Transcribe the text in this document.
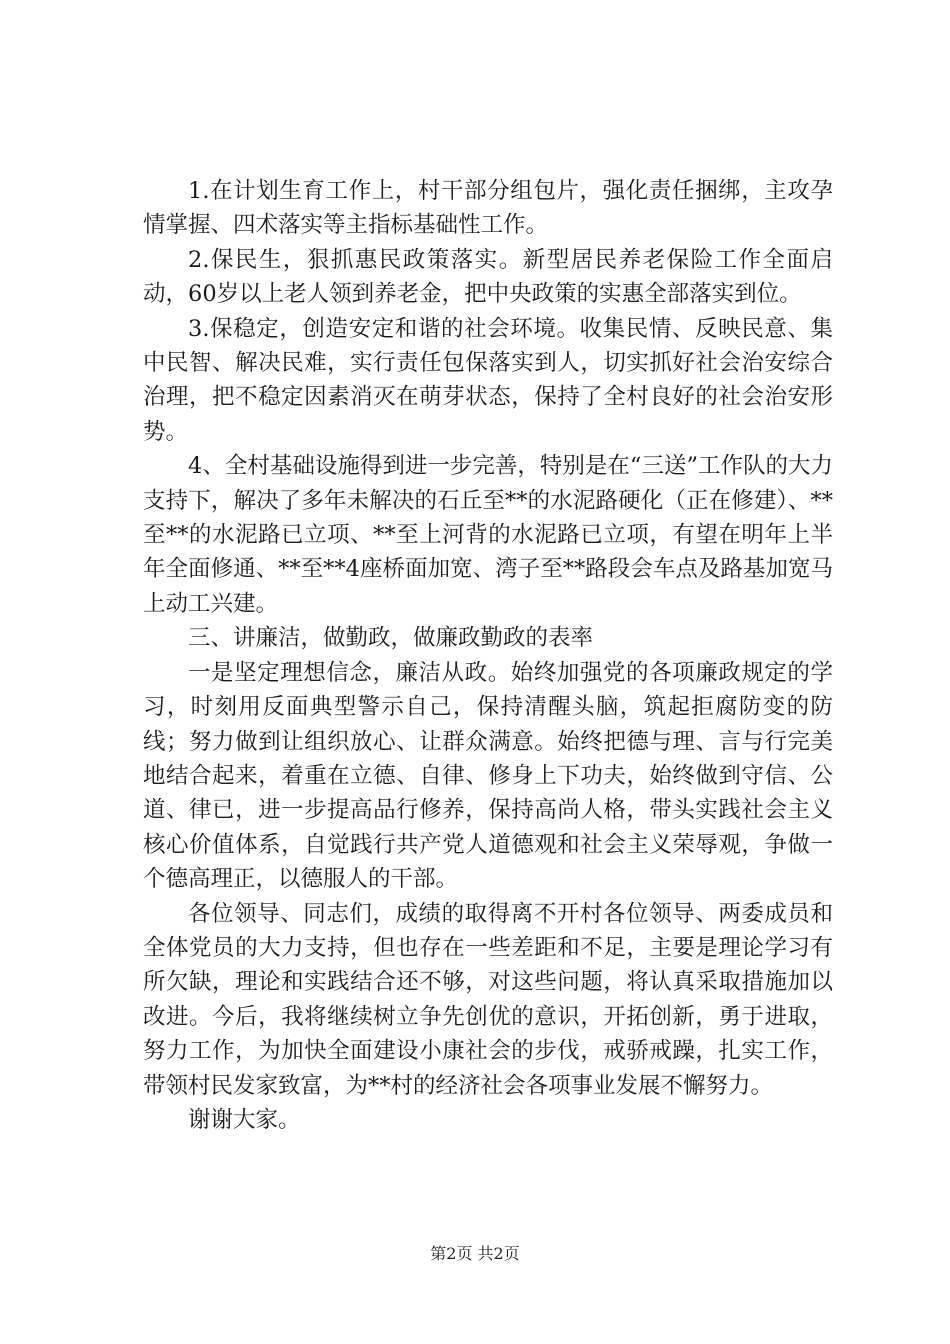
1.在计划生育工作上，村干部分组包片，强化责任捆绑，主攻孕情掌握、四术落实等主指标基础性工作。

2.保民生，狠抓惠民政策落实。新型居民养老保险工作全面启动，60岁以上老人领到养老金，把中央政策的实惠全部落实到位。

3.保稳定，创造安定和谐的社会环境。收集民情、反映民意、集中民智、解决民难，实行责任包保落实到人，切实抓好社会治安综合治理，把不稳定因素消灭在萌芽状态，保持了全村良好的社会治安形势。

4、全村基础设施得到进一步完善，特别是在“三送”工作队的大力支持下，解决了多年未解决的石丘至**的水泥路硬化（正在修建）、**至**的水泥路已立项、**至上河背的水泥路已立项，有望在明年上半年全面修通、**至**4座桥面加宽、湾子至**路段会车点及路基加宽马上动工兴建。

三、讲廉洁，做勤政，做廉政勤政的表率

一是坚定理想信念，廉洁从政。始终加强党的各项廉政规定的学习，时刻用反面典型警示自己，保持清醒头脑，筑起拒腐防变的防线；努力做到让组织放心、让群众满意。始终把德与理、言与行完美地结合起来，着重在立德、自律、修身上下功夫，始终做到守信、公道、律已，进一步提高品行修养，保持高尚人格，带头实践社会主义核心价值体系，自觉践行共产党人道德观和社会主义荣辱观，争做一个德高理正，以德服人的干部。

各位领导、同志们，成绩的取得离不开村各位领导、两委成员和全体党员的大力支持，但也存在一些差距和不足，主要是理论学习有所欠缺，理论和实践结合还不够，对这些问题，将认真采取措施加以改进。今后，我将继续树立争先创优的意识，开拓创新，勇于进取，努力工作，为加快全面建设小康社会的步伐，戒骄戒躁，扎实工作，带领村民发家致富，为**村的经济社会各项事业发展不懈努力。

谢谢大家。

第2页 共2页
